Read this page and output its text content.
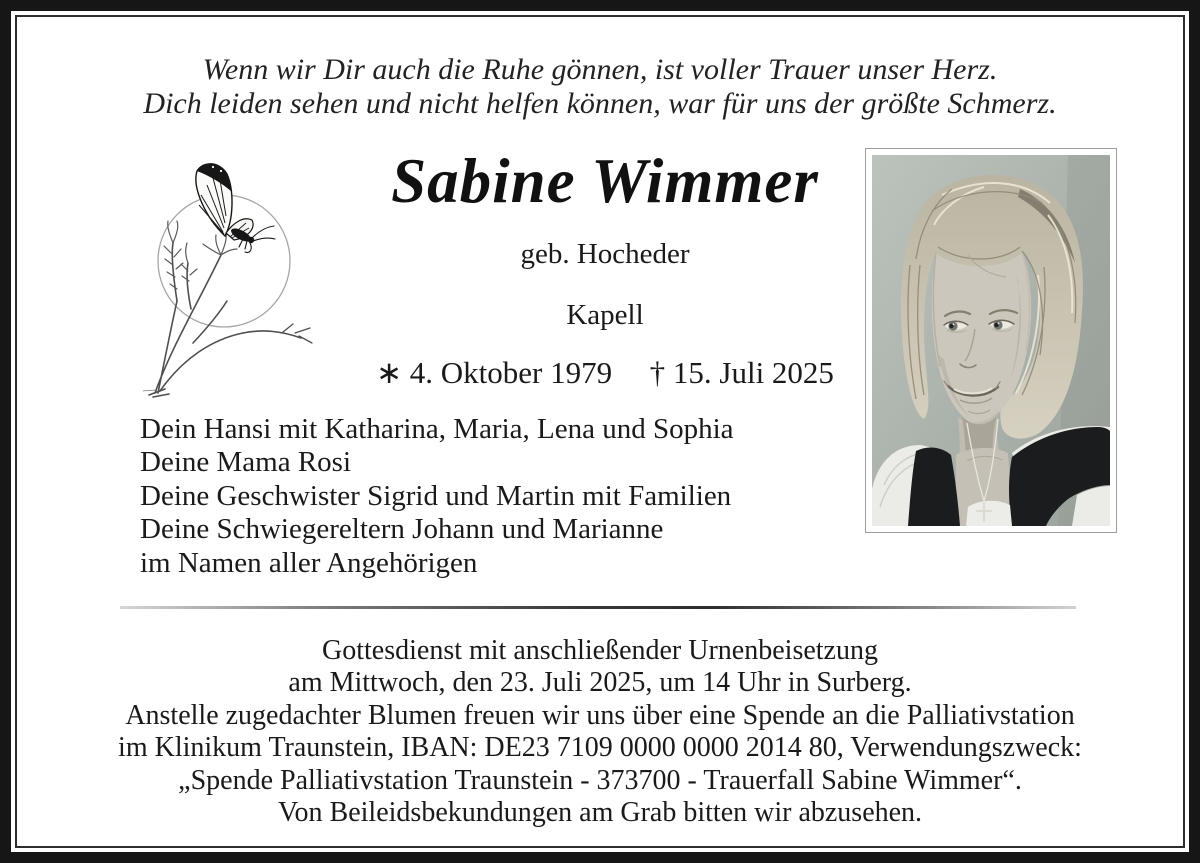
Wenn wir Dir auch die Ruhe gönnen, ist voller Trauer unser Herz.
Dich leiden sehen und nicht helfen können, war für uns der größte Schmerz.
Sabine Wimmer
geb. Hocheder
Kapell
∗ 4. Oktober 1979 † 15. Juli 2025
Dein Hansi mit Katharina, Maria, Lena und Sophia
Deine Mama Rosi
Deine Geschwister Sigrid und Martin mit Familien
Deine Schwiegereltern Johann und Marianne
im Namen aller Angehörigen
Gottesdienst mit anschließender Urnenbeisetzung
am Mittwoch, den 23. Juli 2025, um 14 Uhr in Surberg.
Anstelle zugedachter Blumen freuen wir uns über eine Spende an die Palliativstation
im Klinikum Traunstein, IBAN: DE23 7109 0000 0000 2014 80, Verwendungszweck:
„Spende Palliativstation Traunstein - 373700 - Trauerfall Sabine Wimmer“.
Von Beileidsbekundungen am Grab bitten wir abzusehen.
